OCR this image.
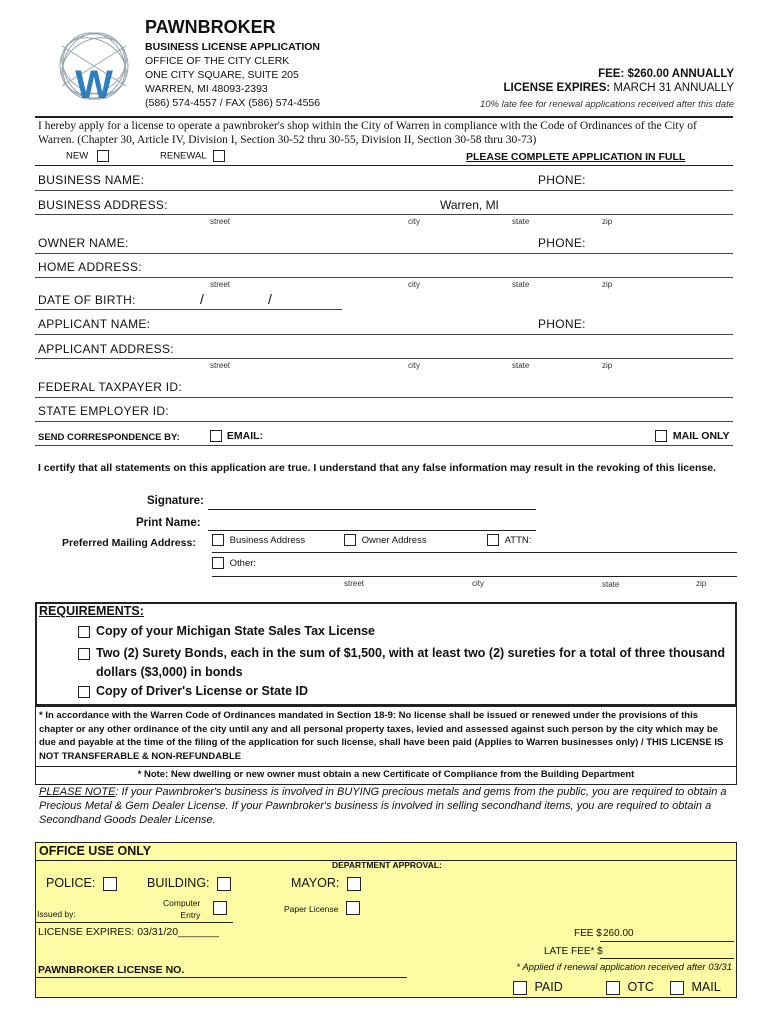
W
PAWNBROKER
BUSINESS LICENSE APPLICATION
OFFICE OF THE CITY CLERK
ONE CITY SQUARE, SUITE 205
WARREN, MI 48093-2393
(586) 574-4557 / FAX (586) 574-4556
FEE: $260.00 ANNUALLY
LICENSE EXPIRES: MARCH 31 ANNUALLY
10% late fee for renewal applications received after this date
I hereby apply for a license to operate a pawnbroker's shop within the City of Warren in compliance with the Code of Ordinances of the City of Warren. (Chapter 30, Article IV, Division I, Section 30-52 thru 30-55, Division II, Section 30-58 thru 30-73)
NEW	RENEWAL	PLEASE COMPLETE APPLICATION IN FULL
BUSINESS NAME:	PHONE:
BUSINESS ADDRESS:	Warren, MI
street	city	state	zip
OWNER NAME:	PHONE:
HOME ADDRESS:
street	city	state	zip
DATE OF BIRTH:	/	/
APPLICANT NAME:	PHONE:
APPLICANT ADDRESS:
street	city	state	zip
FEDERAL TAXPAYER ID:
STATE EMPLOYER ID:
SEND CORRESPONDENCE BY:	EMAIL:	MAIL ONLY
I certify that all statements on this application are true. I understand that any false information may result in the revoking of this license.
Signature:
Print Name:
Preferred Mailing Address:	Business Address	Owner Address	ATTN:
Other:
street	city	state	zip
REQUIREMENTS:
Copy of your Michigan State Sales Tax License
Two (2) Surety Bonds, each in the sum of $1,500, with at least two (2) sureties for a total of three thousand
dollars ($3,000) in bonds
Copy of Driver's License or State ID
* In accordance with the Warren Code of Ordinances mandated in Section 18-9: No license shall be issued or renewed under the provisions of this chapter or any other ordinance of the city until any and all personal property taxes, levied and assessed against such person by the city which may be due and payable at the time of the filing of the application for such license, shall have been paid (Applies to Warren businesses only) / THIS LICENSE IS NOT TRANSFERABLE & NON-REFUNDABLE
* Note: New dwelling or new owner must obtain a new Certificate of Compliance from the Building Department
PLEASE NOTE: If your Pawnbroker's business is involved in BUYING precious metals and gems from the public, you are required to obtain a Precious Metal & Gem Dealer License. If your Pawnbroker's business is involved in selling secondhand items, you are required to obtain a Secondhand Goods Dealer License.
OFFICE USE ONLY
DEPARTMENT APPROVAL:
POLICE:	BUILDING:	MAYOR:
Issued by:
Computer
Entry
Paper License
LICENSE EXPIRES: 03/31/20_______	FEE $ 260.00
LATE FEE* $
* Applied if renewal application received after 03/31
PAWNBROKER LICENSE NO.
PAID	OTC	MAIL
